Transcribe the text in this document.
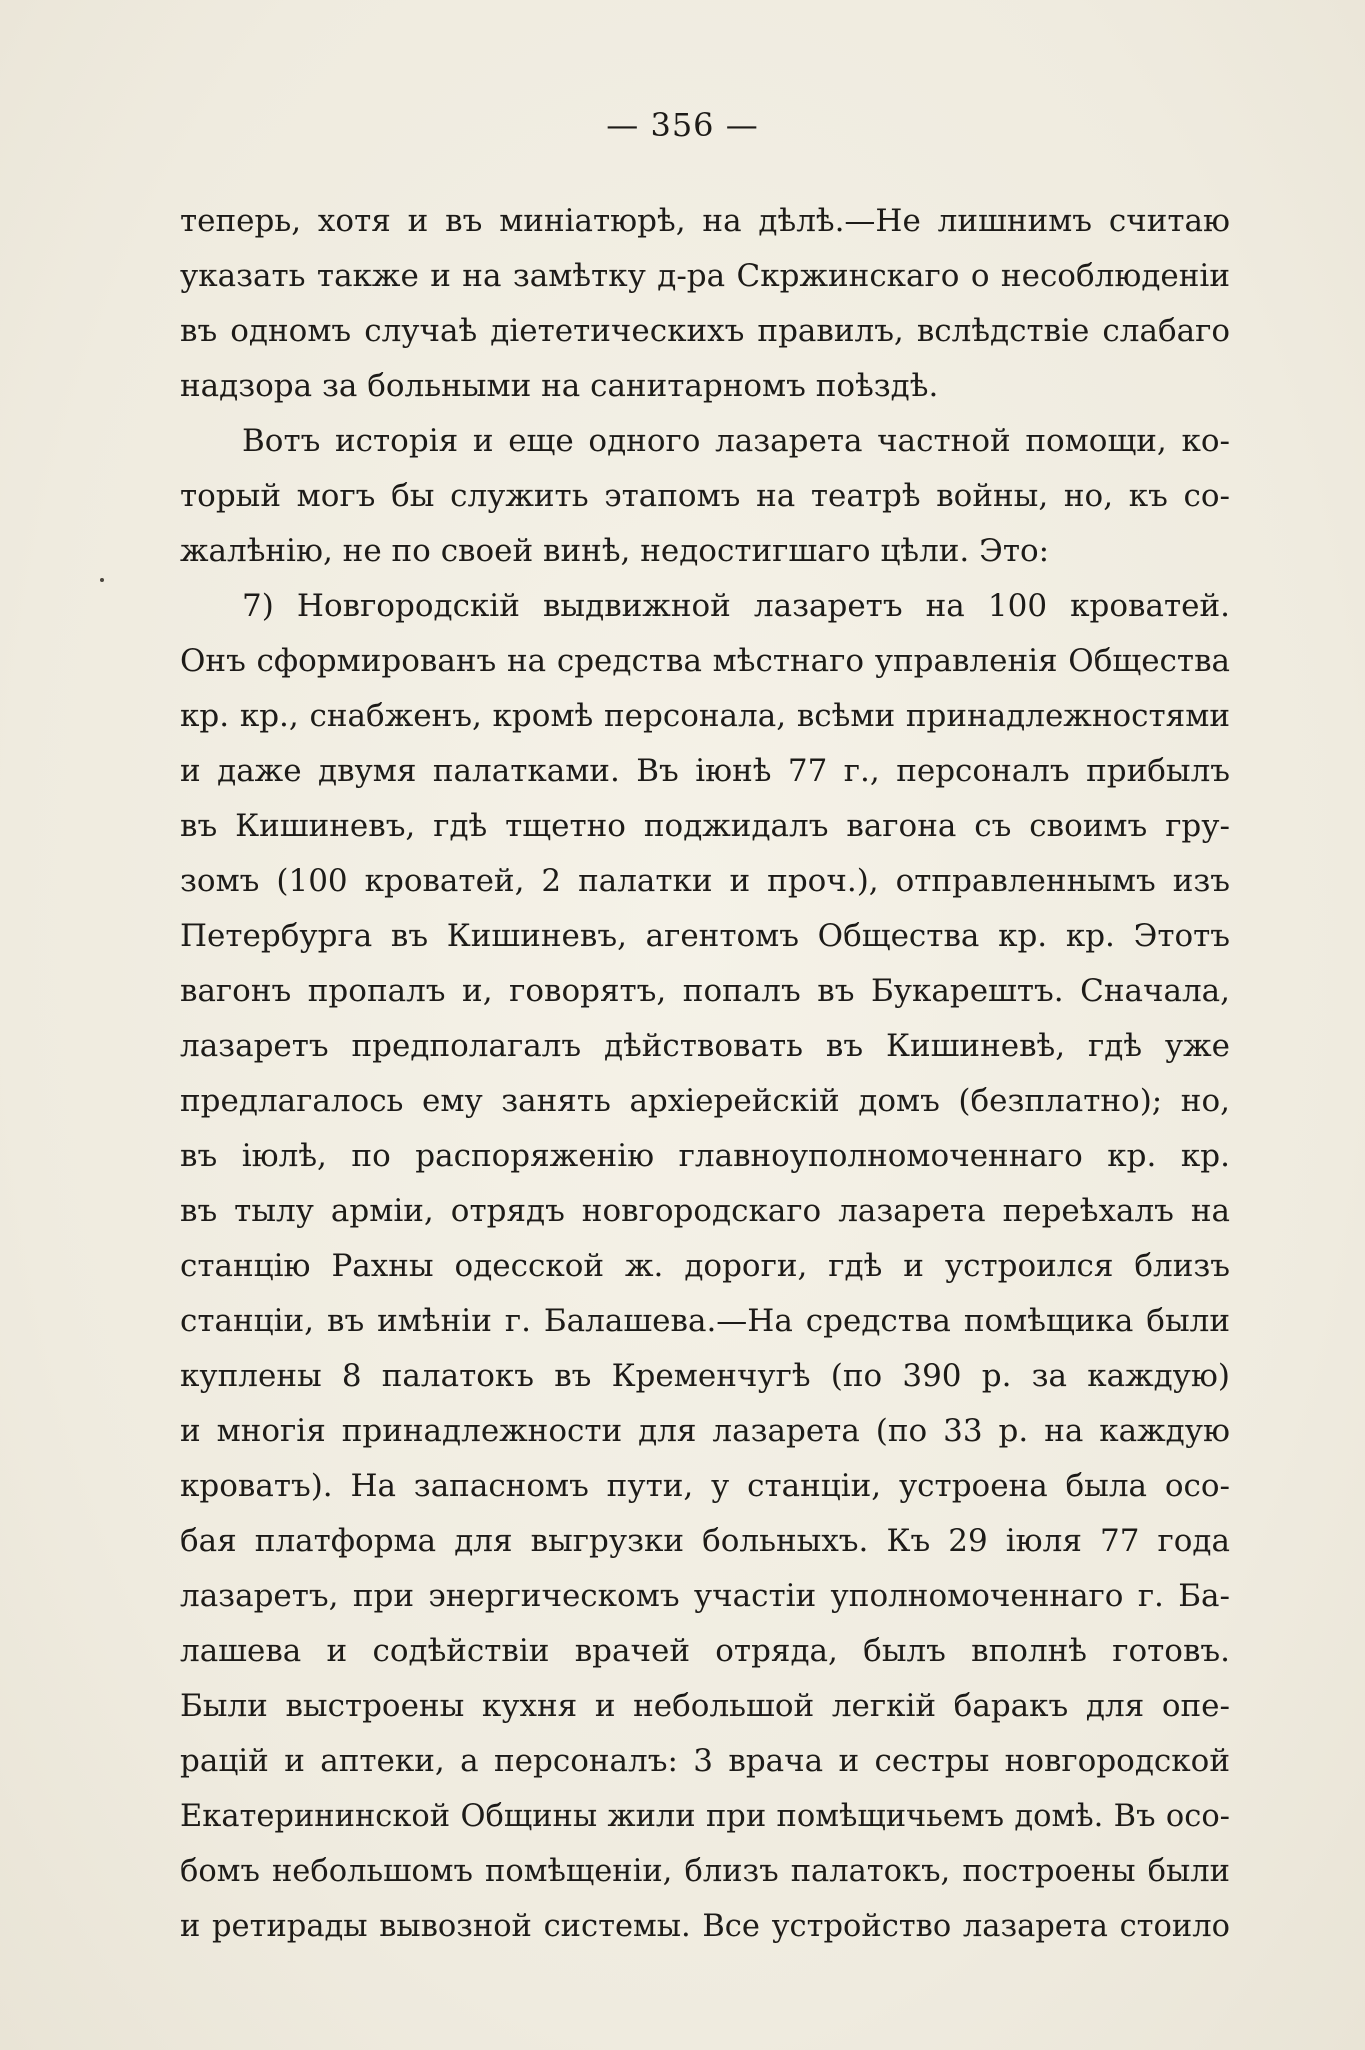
— 356 —
теперь, хотя и въ миніатюрѣ, на дѣлѣ.—Не лишнимъ считаю
указать также и на замѣтку д-ра Скржинскаго о несоблюденіи
въ одномъ случаѣ діететическихъ правилъ, вслѣдствіе слабаго
надзора за больными на санитарномъ поѣздѣ.
Вотъ исторія и еще одного лазарета частной помощи, ко-
торый могъ бы служить этапомъ на театрѣ войны, но, къ со-
жалѣнію, не по своей винѣ, недостигшаго цѣли. Это:
7) Новгородскій выдвижной лазаретъ на 100 кроватей.
Онъ сформированъ на средства мѣстнаго управленія Общества
кр. кр., снабженъ, кромѣ персонала, всѣми принадлежностями
и даже двумя палатками. Въ іюнѣ 77 г., персоналъ прибылъ
въ Кишиневъ, гдѣ тщетно поджидалъ вагона съ своимъ гру-
зомъ (100 кроватей, 2 палатки и проч.), отправленнымъ изъ
Петербурга въ Кишиневъ, агентомъ Общества кр. кр. Этотъ
вагонъ пропалъ и, говорятъ, попалъ въ Букарештъ. Сначала,
лазаретъ предполагалъ дѣйствовать въ Кишиневѣ, гдѣ уже
предлагалось ему занять архіерейскій домъ (безплатно); но,
въ іюлѣ, по распоряженію главноуполномоченнаго кр. кр.
въ тылу арміи, отрядъ новгородскаго лазарета переѣхалъ на
станцію Рахны одесской ж. дороги, гдѣ и устроился близъ
станціи, въ имѣніи г. Балашева.—На средства помѣщика были
куплены 8 палатокъ въ Кременчугѣ (по 390 р. за каждую)
и многія принадлежности для лазарета (по 33 р. на каждую
кроватъ). На запасномъ пути, у станціи, устроена была осо-
бая платформа для выгрузки больныхъ. Къ 29 іюля 77 года
лазаретъ, при энергическомъ участіи уполномоченнаго г. Ба-
лашева и содѣйствіи врачей отряда, былъ вполнѣ готовъ.
Были выстроены кухня и небольшой легкій баракъ для опе-
рацій и аптеки, а персоналъ: 3 врача и сестры новгородской
Екатерининской Общины жили при помѣщичьемъ домѣ. Въ осо-
бомъ небольшомъ помѣщеніи, близъ палатокъ, построены были
и ретирады вывозной системы. Все устройство лазарета стоило
